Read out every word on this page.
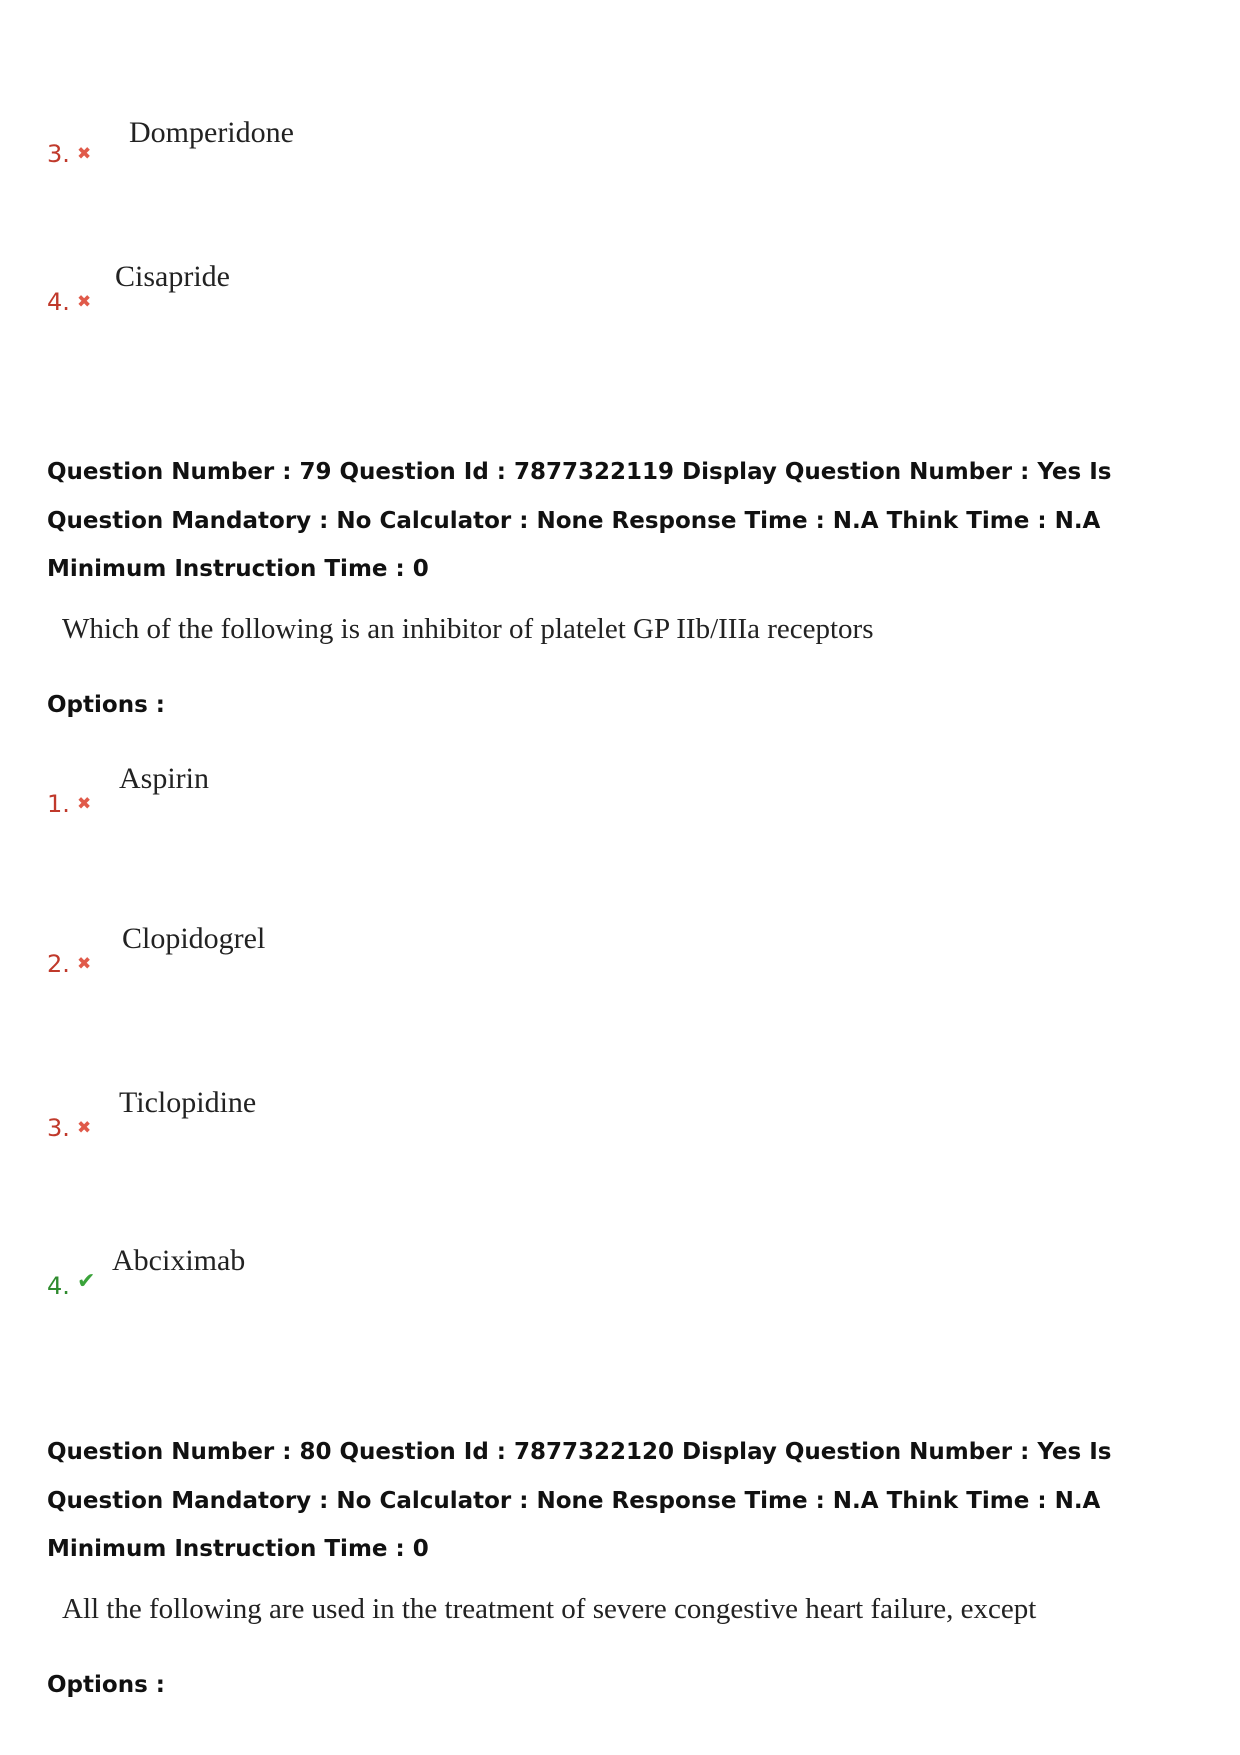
3. ✖
Domperidone
4. ✖
Cisapride
Question Number : 79 Question Id : 7877322119 Display Question Number : Yes Is Question Mandatory : No Calculator : None Response Time : N.A Think Time : N.A Minimum Instruction Time : 0
Which of the following is an inhibitor of platelet GP IIb/IIIa receptors
Options :
1. ✖
Aspirin
2. ✖
Clopidogrel
3. ✖
Ticlopidine
4. ✔
Abciximab
Question Number : 80 Question Id : 7877322120 Display Question Number : Yes Is Question Mandatory : No Calculator : None Response Time : N.A Think Time : N.A Minimum Instruction Time : 0
All the following are used in the treatment of severe congestive heart failure, except
Options :
